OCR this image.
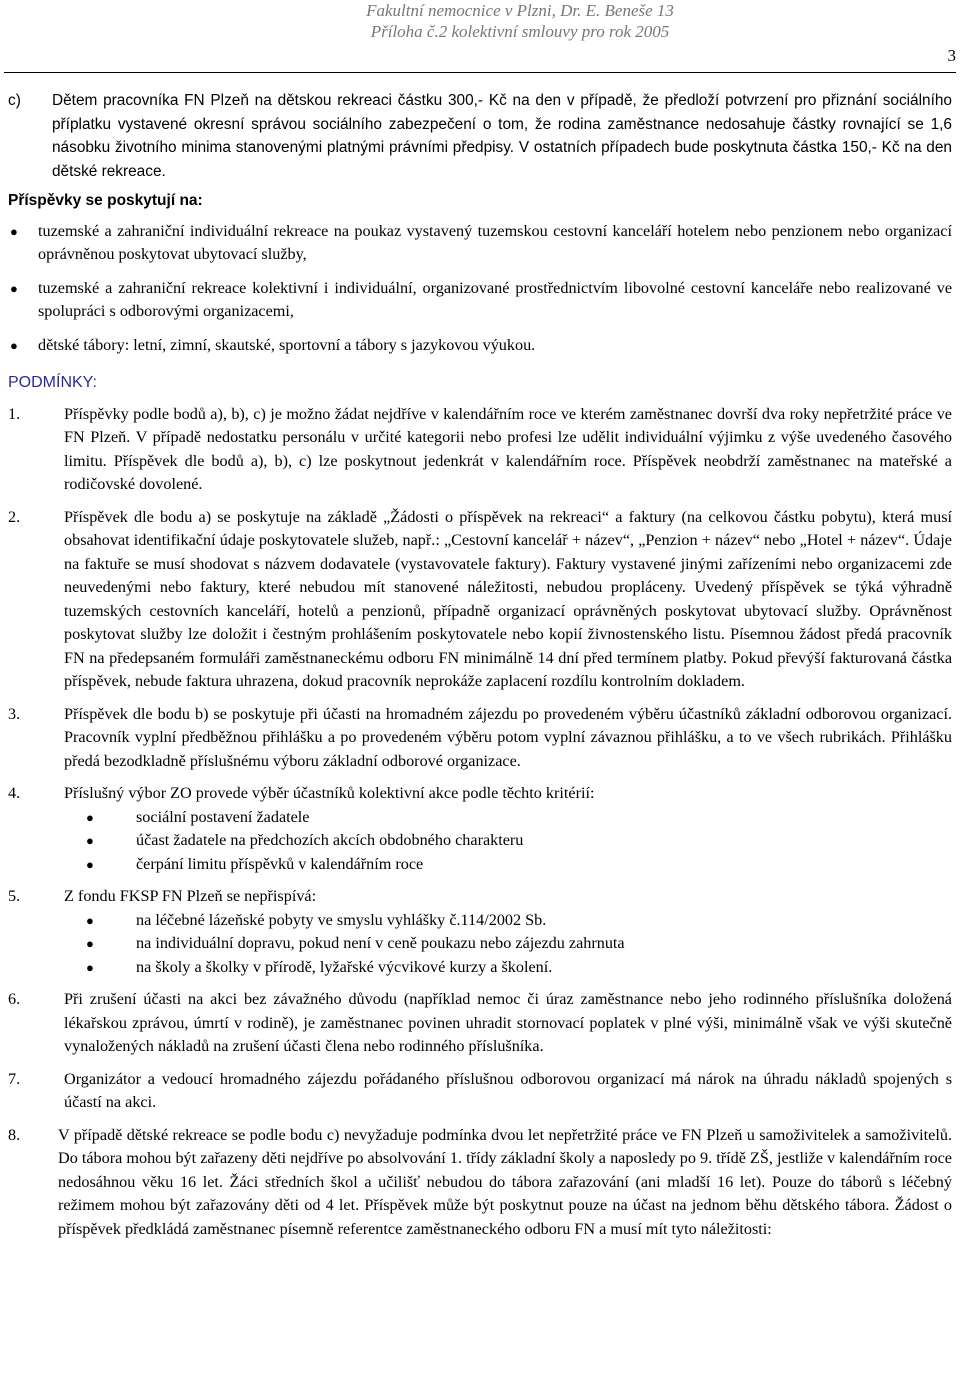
Fakultní nemocnice v Plzni, Dr. E. Beneše 13
Příloha č.2 kolektivní smlouvy pro rok 2005
3
c)	Dětem pracovníka FN Plzeň na dětskou rekreaci částku 300,- Kč na den v případě, že předloží potvrzení pro přiznání sociálního příplatku vystavené okresní správou sociálního zabezpečení o tom, že rodina zaměstnance nedosahuje částky rovnající se 1,6 násobku životního minima stanovenými platnými právními předpisy. V ostatních případech bude poskytnuta částka 150,- Kč na den dětské rekreace.
Příspěvky se poskytují na:
●	tuzemské a zahraniční individuální rekreace na poukaz vystavený tuzemskou cestovní kanceláří hotelem nebo penzionem nebo organizací oprávněnou poskytovat ubytovací služby,
●	tuzemské a zahraniční rekreace kolektivní i individuální, organizované prostřednictvím libovolné cestovní kanceláře nebo realizované ve spolupráci s odborovými organizacemi,
●	dětské tábory: letní, zimní, skautské, sportovní a tábory s jazykovou výukou.
PODMÍNKY:
1.	Příspěvky podle bodů a), b), c) je možno žádat nejdříve v kalendářním roce ve kterém zaměstnanec dovrší dva roky nepřetržité práce ve FN Plzeň. V případě nedostatku personálu v určité kategorii nebo profesi lze udělit individuální výjimku z výše uvedeného časového limitu. Příspěvek dle bodů a), b), c) lze poskytnout jedenkrát v kalendářním roce. Příspěvek neobdrží zaměstnanec na mateřské a rodičovské dovolené.
2.	Příspěvek dle bodu a) se poskytuje na základě „Žádosti o příspěvek na rekreaci“ a faktury (na celkovou částku pobytu), která musí obsahovat identifikační údaje poskytovatele služeb, např.: „Cestovní kancelář + název“, „Penzion + název“ nebo „Hotel + název“. Údaje na faktuře se musí shodovat s názvem dodavatele (vystavovatele faktury). Faktury vystavené jinými zařízeními nebo organizacemi zde neuvedenými nebo faktury, které nebudou mít stanovené náležitosti, nebudou propláceny. Uvedený příspěvek se týká výhradně tuzemských cestovních kanceláří, hotelů a penzionů, případně organizací oprávněných poskytovat ubytovací služby. Oprávněnost poskytovat služby lze doložit i čestným prohlášením poskytovatele nebo kopií živnostenského listu. Písemnou žádost předá pracovník FN na předepsaném formuláři zaměstnaneckému odboru FN minimálně 14 dní před termínem platby. Pokud převýší fakturovaná částka příspěvek, nebude faktura uhrazena, dokud pracovník neprokáže zaplacení rozdílu kontrolním dokladem.
3.	Příspěvek dle bodu b) se poskytuje při účasti na hromadném zájezdu po provedeném výběru účastníků základní odborovou organizací. Pracovník vyplní předběžnou přihlášku a po provedeném výběru potom vyplní závaznou přihlášku, a to ve všech rubrikách. Přihlášku předá bezodkladně příslušnému výboru základní odborové organizace.
4.	Příslušný výbor ZO provede výběr účastníků kolektivní akce podle těchto kritérií:
●	sociální postavení žadatele
●	účast žadatele na předchozích akcích obdobného charakteru
●	čerpání limitu příspěvků v kalendářním roce
5.	Z fondu FKSP FN Plzeň se nepřispívá:
●	na léčebné lázeňské pobyty ve smyslu vyhlášky č.114/2002 Sb.
●	na individuální dopravu, pokud není v ceně poukazu nebo zájezdu zahrnuta
●	na školy a školky v přírodě, lyžařské výcvikové kurzy a školení.
6.	Při zrušení účasti na akci bez závažného důvodu (například nemoc či úraz zaměstnance nebo jeho rodinného příslušníka doložená lékařskou zprávou, úmrtí v rodině), je zaměstnanec povinen uhradit stornovací poplatek v plné výši, minimálně však ve výši skutečně vynaložených nákladů na zrušení účasti člena nebo rodinného příslušníka.
7.	Organizátor a vedoucí hromadného zájezdu pořádaného příslušnou odborovou organizací má nárok na úhradu nákladů spojených s účastí na akci.
8.	V případě dětské rekreace se podle bodu c) nevyžaduje podmínka dvou let nepřetržité práce ve FN Plzeň u samoživitelek a samoživitelů. Do tábora mohou být zařazeny děti nejdříve po absolvování 1. třídy základní školy a naposledy po 9. třídě ZŠ, jestliže v kalendářním roce nedosáhnou věku 16 let. Žáci středních škol a učilišť nebudou do tábora zařazování (ani mladší 16 let). Pouze do táborů s léčebný režimem mohou být zařazovány děti od 4 let. Příspěvek může být poskytnut pouze na účast na jednom běhu dětského tábora. Žádost o příspěvek předkládá zaměstnanec písemně referentce zaměstnaneckého odboru FN a musí mít tyto náležitosti:
